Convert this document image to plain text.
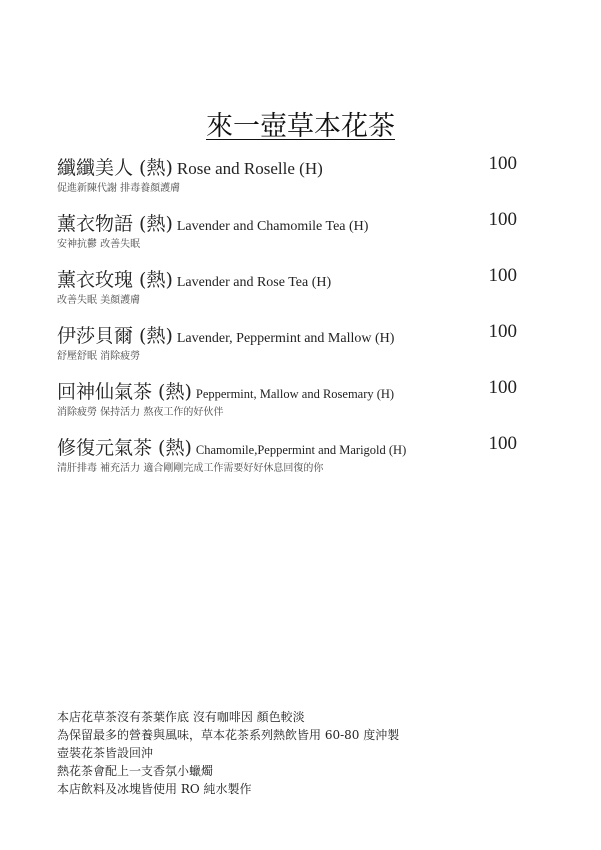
來一壺草本花茶
纖纖美人 (熱) Rose and Roselle (H)
促進新陳代謝 排毒養顏護膚
100
薰衣物語 (熱) Lavender and Chamomile Tea (H)
安神抗鬱 改善失眠
100
薰衣玫瑰 (熱) Lavender and Rose Tea (H)
改善失眠 美顏護膚
100
伊莎貝爾 (熱) Lavender, Peppermint and Mallow (H)
舒壓舒眠 消除疲勞
100
回神仙氣茶 (熱) Peppermint, Mallow and Rosemary (H)
消除疲勞 保持活力 熬夜工作的好伙伴
100
修復元氣茶 (熱) Chamomile,Peppermint and Marigold (H)
清肝排毒 補充活力 適合剛剛完成工作需要好好休息回復的你
100
本店花草茶沒有茶葉作底 沒有咖啡因 顏色較淡
為保留最多的營養與風味，草本花茶系列熱飲皆用 60-80 度沖製
壺裝花茶皆設回沖
熱花茶會配上一支香氛小蠟燭
本店飲料及冰塊皆使用 RO 純水製作
